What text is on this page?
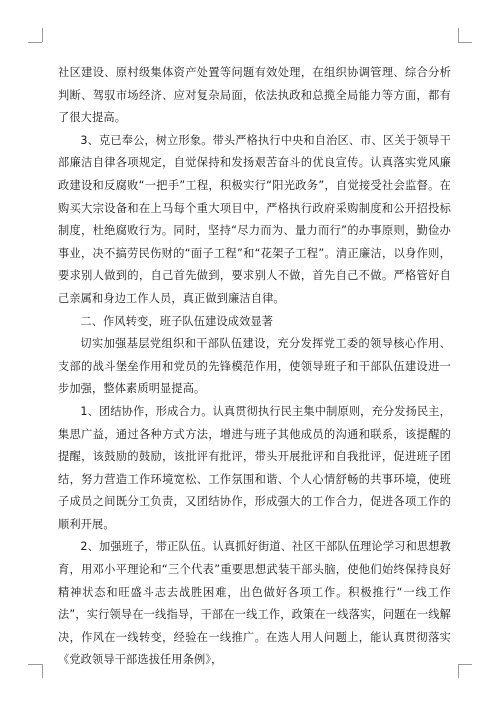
社区建设、原村级集体资产处置等问题有效处理，在组织协调管理、综合分析判断、驾驭市场经济、应对复杂局面，依法执政和总揽全局能力等方面，都有了很大提高。

3、克已奉公，树立形象。带头严格执行中央和自治区、市、区关于领导干部廉洁自律各项规定，自觉保持和发扬艰苦奋斗的优良宣传。认真落实党风廉政建设和反腐败“一把手”工程，积极实行“阳光政务”，自觉接受社会监督。在购买大宗设备和在上马每个重大项目中，严格执行政府采购制度和公开招投标制度，杜绝腐败行为。同时，坚持“尽力而为、量力而行”的办事原则，勤俭办事业，决不搞劳民伤财的“面子工程”和“花架子工程”。清正廉洁，以身作则，要求别人做到的，自己首先做到，要求别人不做，首先自己不做。严格管好自己亲属和身边工作人员，真正做到廉洁自律。

二、作风转变，班子队伍建设成效显著

切实加强基层党组织和干部队伍建设，充分发挥党工委的领导核心作用、支部的战斗堡垒作用和党员的先锋模范作用，使领导班子和干部队伍建设进一步加强，整体素质明显提高。

1、团结协作，形成合力。认真贯彻执行民主集中制原则，充分发扬民主，集思广益，通过各种方式方法，增进与班子其他成员的沟通和联系，该提醒的提醒，该鼓励的鼓励，该批评有批评，带头开展批评和自我批评，促进班子团结，努力营造工作环境宽松、工作氛围和谐、个人心情舒畅的共事环境，使班子成员之间既分工负责，又团结协作，形成强大的工作合力，促进各项工作的顺利开展。

2、加强班子，带正队伍。认真抓好街道、社区干部队伍理论学习和思想教育，用邓小平理论和“三个代表”重要思想武装干部头脑，使他们始终保持良好精神状态和旺盛斗志去战胜困难，出色做好各项工作。积极推行“一线工作法”，实行领导在一线指导，干部在一线工作，政策在一线落实，问题在一线解决，作风在一线转变，经验在一线推广。在选人用人问题上，能认真贯彻落实《党政领导干部选拔任用条例》，
